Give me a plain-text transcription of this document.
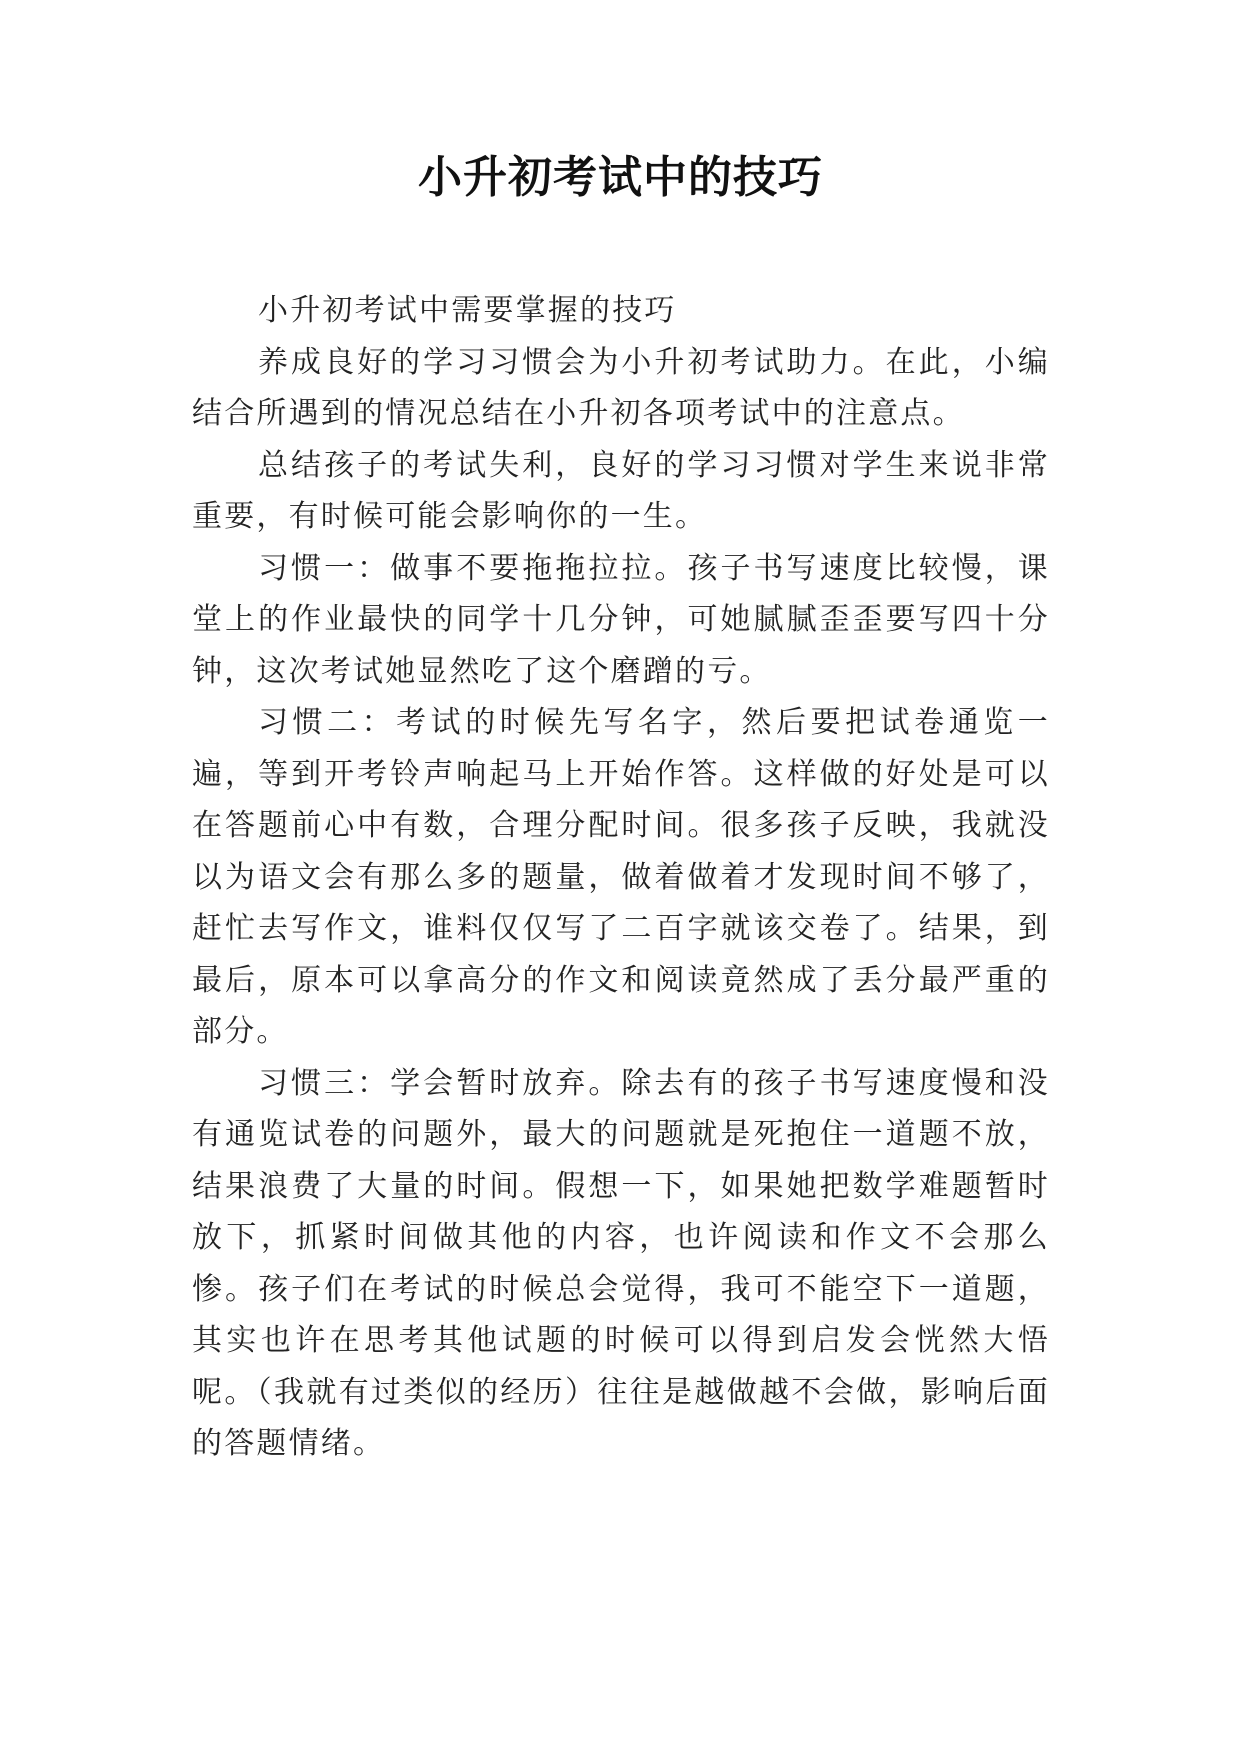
小升初考试中的技巧

小升初考试中需要掌握的技巧

养成良好的学习习惯会为小升初考试助力。在此，小编结合所遇到的情况总结在小升初各项考试中的注意点。

总结孩子的考试失利，良好的学习习惯对学生来说非常重要，有时候可能会影响你的一生。

习惯一：做事不要拖拖拉拉。孩子书写速度比较慢，课堂上的作业最快的同学十几分钟，可她腻腻歪歪要写四十分钟，这次考试她显然吃了这个磨蹭的亏。

习惯二：考试的时候先写名字，然后要把试卷通览一遍，等到开考铃声响起马上开始作答。这样做的好处是可以在答题前心中有数，合理分配时间。很多孩子反映，我就没以为语文会有那么多的题量，做着做着才发现时间不够了，赶忙去写作文，谁料仅仅写了二百字就该交卷了。结果，到最后，原本可以拿高分的作文和阅读竟然成了丢分最严重的部分。

习惯三：学会暂时放弃。除去有的孩子书写速度慢和没有通览试卷的问题外，最大的问题就是死抱住一道题不放，结果浪费了大量的时间。假想一下，如果她把数学难题暂时放下，抓紧时间做其他的内容，也许阅读和作文不会那么惨。孩子们在考试的时候总会觉得，我可不能空下一道题，其实也许在思考其他试题的时候可以得到启发会恍然大悟呢。（我就有过类似的经历）往往是越做越不会做，影响后面的答题情绪。
